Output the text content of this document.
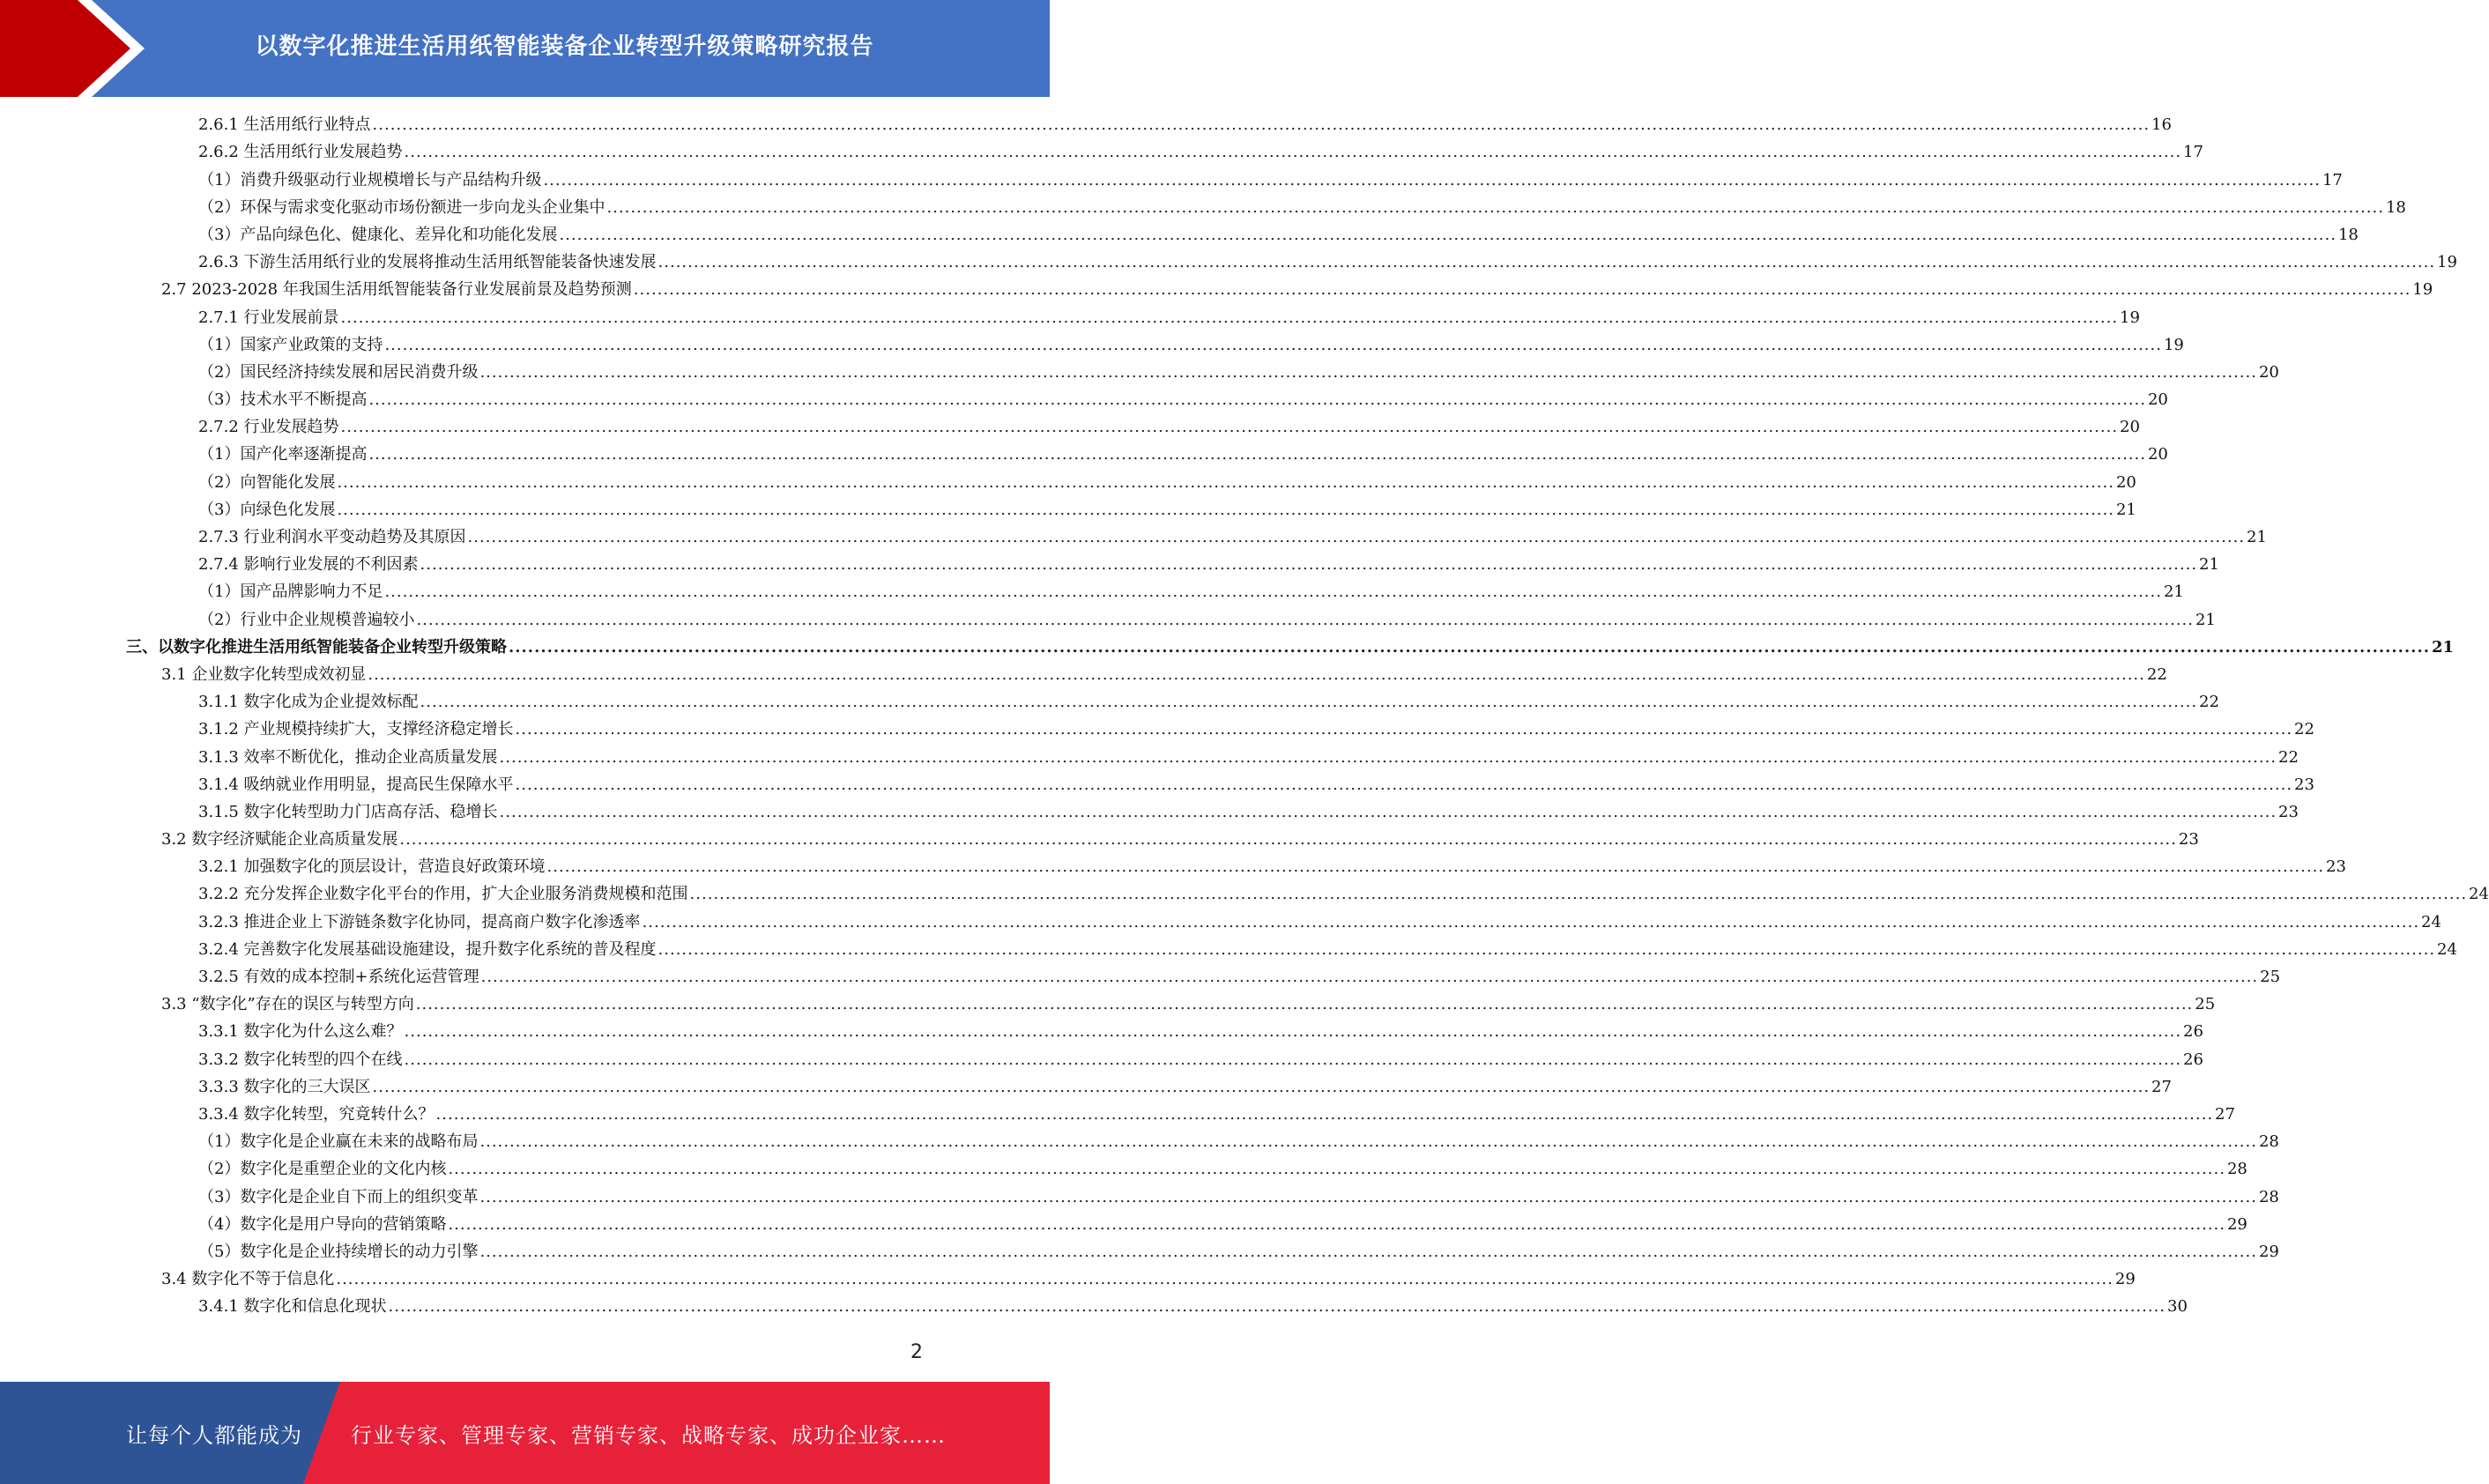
以数字化推进生活用纸智能装备企业转型升级策略研究报告
2.6.1 生活用纸行业特点 ............................................................................................................................................................................................................................................................................................................ 16
2.6.2 生活用纸行业发展趋势 ............................................................................................................................................................................................................................................................................................................ 17
（1）消费升级驱动行业规模增长与产品结构升级 ............................................................................................................................................................................................................................................................................................................ 17
（2）环保与需求变化驱动市场份额进一步向龙头企业集中 ............................................................................................................................................................................................................................................................................................................ 18
（3）产品向绿色化、健康化、差异化和功能化发展 ............................................................................................................................................................................................................................................................................................................ 18
2.6.3 下游生活用纸行业的发展将推动生活用纸智能装备快速发展 ............................................................................................................................................................................................................................................................................................................ 19
2.7 2023-2028 年我国生活用纸智能装备行业发展前景及趋势预测 ............................................................................................................................................................................................................................................................................................................ 19
2.7.1 行业发展前景 ............................................................................................................................................................................................................................................................................................................ 19
（1）国家产业政策的支持 ............................................................................................................................................................................................................................................................................................................ 19
（2）国民经济持续发展和居民消费升级 ............................................................................................................................................................................................................................................................................................................ 20
（3）技术水平不断提高 ............................................................................................................................................................................................................................................................................................................ 20
2.7.2 行业发展趋势 ............................................................................................................................................................................................................................................................................................................ 20
（1）国产化率逐渐提高 ............................................................................................................................................................................................................................................................................................................ 20
（2）向智能化发展 ............................................................................................................................................................................................................................................................................................................ 20
（3）向绿色化发展 ............................................................................................................................................................................................................................................................................................................ 21
2.7.3 行业利润水平变动趋势及其原因 ............................................................................................................................................................................................................................................................................................................ 21
2.7.4 影响行业发展的不利因素 ............................................................................................................................................................................................................................................................................................................ 21
（1）国产品牌影响力不足 ............................................................................................................................................................................................................................................................................................................ 21
（2）行业中企业规模普遍较小 ............................................................................................................................................................................................................................................................................................................ 21
三、以数字化推进生活用纸智能装备企业转型升级策略 ............................................................................................................................................................................................................................................................................................................ 21
3.1 企业数字化转型成效初显 ............................................................................................................................................................................................................................................................................................................ 22
3.1.1 数字化成为企业提效标配 ............................................................................................................................................................................................................................................................................................................ 22
3.1.2 产业规模持续扩大，支撑经济稳定增长 ............................................................................................................................................................................................................................................................................................................ 22
3.1.3 效率不断优化，推动企业高质量发展 ............................................................................................................................................................................................................................................................................................................ 22
3.1.4 吸纳就业作用明显，提高民生保障水平 ............................................................................................................................................................................................................................................................................................................ 23
3.1.5 数字化转型助力门店高存活、稳增长 ............................................................................................................................................................................................................................................................................................................ 23
3.2 数字经济赋能企业高质量发展 ............................................................................................................................................................................................................................................................................................................ 23
3.2.1 加强数字化的顶层设计，营造良好政策环境 ............................................................................................................................................................................................................................................................................................................ 23
3.2.2 充分发挥企业数字化平台的作用，扩大企业服务消费规模和范围 ............................................................................................................................................................................................................................................................................................................ 24
3.2.3 推进企业上下游链条数字化协同，提高商户数字化渗透率 ............................................................................................................................................................................................................................................................................................................ 24
3.2.4 完善数字化发展基础设施建设，提升数字化系统的普及程度 ............................................................................................................................................................................................................................................................................................................ 24
3.2.5 有效的成本控制+系统化运营管理 ............................................................................................................................................................................................................................................................................................................ 25
3.3 “数字化”存在的误区与转型方向 ............................................................................................................................................................................................................................................................................................................ 25
3.3.1 数字化为什么这么难？ ............................................................................................................................................................................................................................................................................................................ 26
3.3.2 数字化转型的四个在线 ............................................................................................................................................................................................................................................................................................................ 26
3.3.3 数字化的三大误区 ............................................................................................................................................................................................................................................................................................................ 27
3.3.4 数字化转型，究竟转什么？ ............................................................................................................................................................................................................................................................................................................ 27
（1）数字化是企业赢在未来的战略布局 ............................................................................................................................................................................................................................................................................................................ 28
（2）数字化是重塑企业的文化内核 ............................................................................................................................................................................................................................................................................................................ 28
（3）数字化是企业自下而上的组织变革 ............................................................................................................................................................................................................................................................................................................ 28
（4）数字化是用户导向的营销策略 ............................................................................................................................................................................................................................................................................................................ 29
（5）数字化是企业持续增长的动力引擎 ............................................................................................................................................................................................................................................................................................................ 29
3.4 数字化不等于信息化 ............................................................................................................................................................................................................................................................................................................ 29
3.4.1 数字化和信息化现状 ............................................................................................................................................................................................................................................................................................................ 30
2
让每个人都能成为 行业专家、管理专家、营销专家、战略专家、成功企业家……
